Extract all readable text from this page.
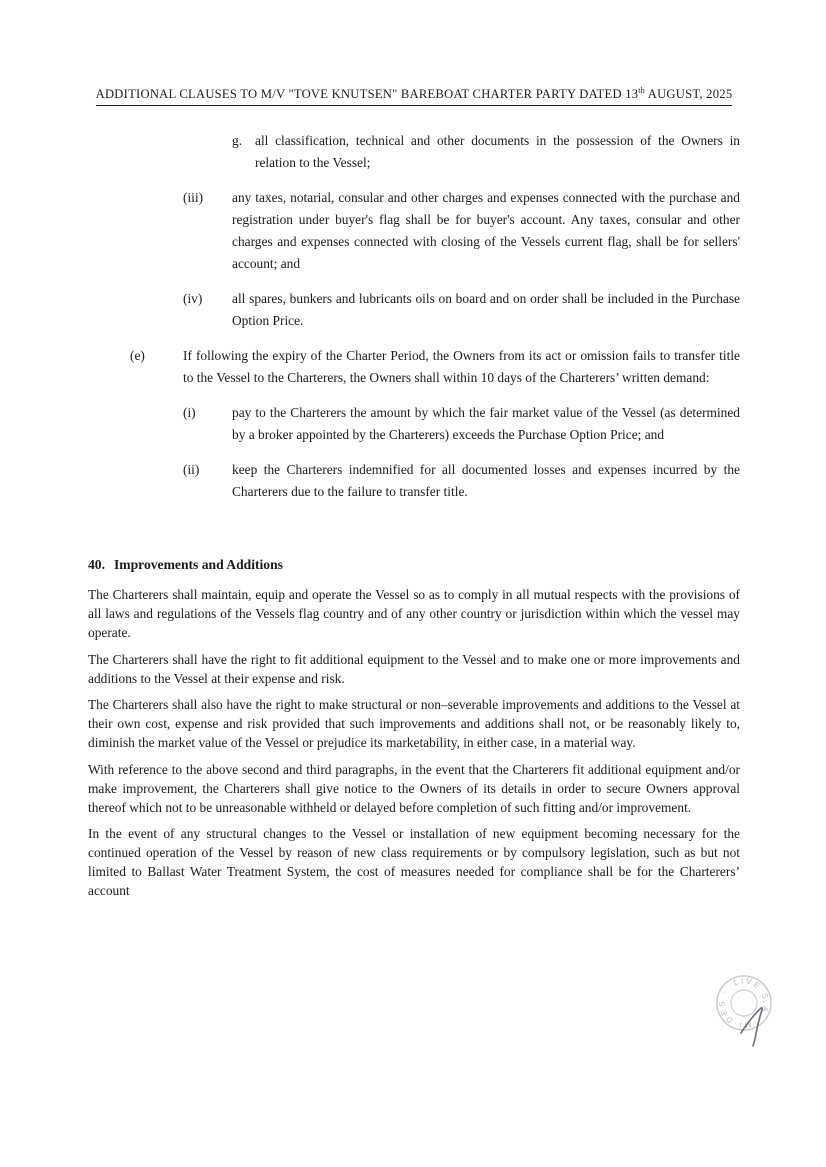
ADDITIONAL CLAUSES TO M/V "TOVE KNUTSEN" BAREBOAT CHARTER PARTY DATED 13th AUGUST, 2025
g. all classification, technical and other documents in the possession of the Owners in relation to the Vessel;
(iii)	any taxes, notarial, consular and other charges and expenses connected with the purchase and registration under buyer's flag shall be for buyer's account. Any taxes, consular and other charges and expenses connected with closing of the Vessels current flag, shall be for sellers' account; and
(iv)	all spares, bunkers and lubricants oils on board and on order shall be included in the Purchase Option Price.
(e)	If following the expiry of the Charter Period, the Owners from its act or omission fails to transfer title to the Vessel to the Charterers, the Owners shall within 10 days of the Charterers’ written demand:
(i)	pay to the Charterers the amount by which the fair market value of the Vessel (as determined by a broker appointed by the Charterers) exceeds the Purchase Option Price; and
(ii)	keep the Charterers indemnified for all documented losses and expenses incurred by the Charterers due to the failure to transfer title.
40. Improvements and Additions

The Charterers shall maintain, equip and operate the Vessel so as to comply in all mutual respects with the provisions of all laws and regulations of the Vessels flag country and of any other country or jurisdiction within which the vessel may operate.

The Charterers shall have the right to fit additional equipment to the Vessel and to make one or more improvements and additions to the Vessel at their expense and risk.

The Charterers shall also have the right to make structural or non–severable improvements and additions to the Vessel at their own cost, expense and risk provided that such improvements and additions shall not, or be reasonably likely to, diminish the market value of the Vessel or prejudice its marketability, in either case, in a material way.

With reference to the above second and third paragraphs, in the event that the Charterers fit additional equipment and/or make improvement, the Charterers shall give notice to the Owners of its details in order to secure Owners approval thereof which not to be unreasonable withheld or delayed before completion of such fitting and/or improvement.

In the event of any structural changes to the Vessel or installation of new equipment becoming necessary for the continued operation of the Vessel by reason of new class requirements or by compulsory legislation, such as but not limited to Ballast Water Treatment System, the cost of measures needed for compliance shall be for the Charterers’ account

LIVE S.A · MI·DES ·
